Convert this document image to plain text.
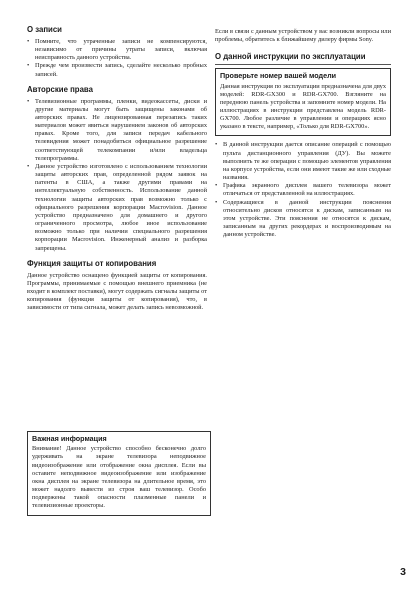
О записи
• Помните, что утраченные записи не компенсируются, независимо от причины утраты записи, включая неисправность данного устройства.
• Прежде чем произвести запись, сделайте несколько пробных записей.
Авторские права
• Телевизионные программы, пленки, видеокассеты, диски и другие материалы могут быть защищены законами об авторских правах. Не лицензированная перезапись таких материалов может явиться нарушением законов об авторских правах. Кроме того, для записи передач кабельного телевидения может понадобиться официальное разрешение соответствующей телекомпании и/или владельца телепрограммы.
• Данное устройство изготовлено с использованием технологии защиты авторских прав, определенной рядом заявок на патенты в США, а также другими правами на интеллектуальную собственность. Использование данной технологии защиты авторских прав возможно только с официального разрешения корпорации Macrovision. Данное устройство предназначено для домашнего и другого ограниченного просмотра, любое иное использование возможно только при наличии специального разрешения корпорации Macrovision. Инженерный анализ и разборка запрещены.
Функция защиты от копирования

Данное устройство оснащено функцией защиты от копирования. Программы, принимаемые с помощью внешнего приемника (не входит в комплект поставки), могут содержать сигналы защиты от копирования (функция защиты от копирования), что, в зависимости от типа сигнала, может делать запись невозможной.

Важная информация

Внимание! Данное устройство способно бесконечно долго удерживать на экране телевизора неподвижное видеоизображение или отображение окна дисплея. Если вы оставите неподвижное видеоизображение или изображение окна дисплея на экране телевизора на длительное время, это может надолго вывести из строя ваш телевизор. Особо подвержены такой опасности плазменные панели и телевизионные проекторы.

Если в связи с данным устройством у вас возникли вопросы или проблемы, обратитесь к ближайшему дилеру фирмы Sony.

О данной инструкции по эксплуатации
Проверьте номер вашей модели

Данная инструкция по эксплуатации предназначена для двух моделей: RDR-GX300 и RDR-GX700. Взгляните на переднюю панель устройства и запомните номер модели. На иллюстрациях в инструкции представлена модель RDR-GX700. Любое различие в управлении и операциях ясно указано в тексте, например, «Только для RDR-GX700».

• В данной инструкции дается описание операций с помощью пульта дистанционного управления (ДУ). Вы можете выполнить те же операции с помощью элементов управления на корпусе устройства, если они имеют такие же или сходные названия.
• Графика экранного дисплея вашего телевизора может отличаться от представленной на иллюстрациях.
• Содержащиеся в данной инструкции пояснения относительно дисков относятся к дискам, записанным на этом устройстве. Эти пояснения не относятся к дискам, записанным на других рекордерах и воспроизводимым на данном устройстве.
3
